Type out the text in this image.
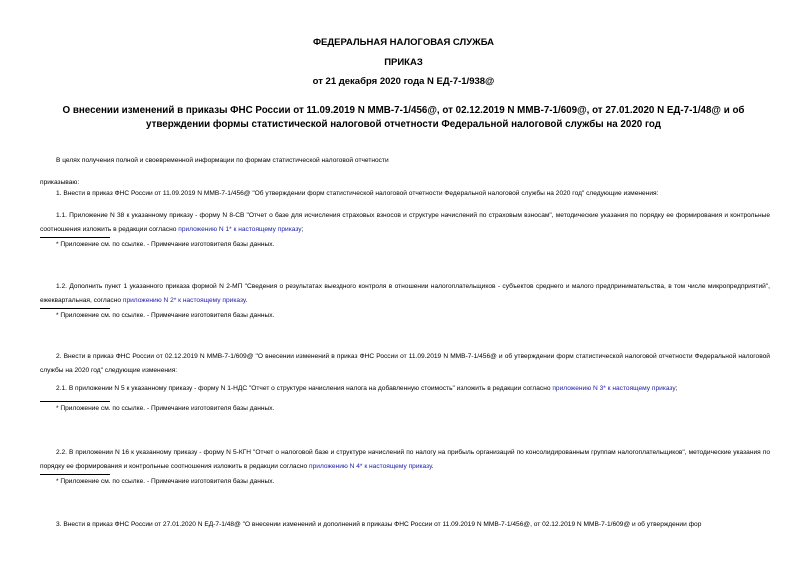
ФЕДЕРАЛЬНАЯ НАЛОГОВАЯ СЛУЖБА
ПРИКАЗ
от 21 декабря 2020 года N ЕД-7-1/938@
О внесении изменений в приказы ФНС России от 11.09.2019 N ММВ-7-1/456@, от 02.12.2019 N ММВ-7-1/609@, от 27.01.2020 N ЕД-7-1/48@ и об утверждении формы статистической налоговой отчетности Федеральной налоговой службы на 2020 год
В целях получения полной и своевременной информации по формам статистической налоговой отчетности
приказываю:
1. Внести в приказ ФНС России от 11.09.2019 N ММВ-7-1/456@ "Об утверждении форм статистической налоговой отчетности Федеральной налоговой службы на 2020 год" следующие изменения:
1.1. Приложение N 38 к указанному приказу - форму N 8-СВ "Отчет о базе для исчисления страховых взносов и структуре начислений по страховым взносам", методические указания по порядку ее формирования и контрольные соотношения изложить в редакции согласно приложению N 1* к настоящему приказу;
* Приложение см. по ссылке. - Примечание изготовителя базы данных.
1.2. Дополнить пункт 1 указанного приказа формой N 2-МП "Сведения о результатах выездного контроля в отношении налогоплательщиков - субъектов среднего и малого предпринимательства, в том числе микропредприятий", ежеквартальная, согласно приложению N 2* к настоящему приказу.
* Приложение см. по ссылке. - Примечание изготовителя базы данных.
2. Внести в приказ ФНС России от 02.12.2019 N ММВ-7-1/609@ "О внесении изменений в приказ ФНС России от 11.09.2019 N ММВ-7-1/456@ и об утверждении форм статистической налоговой отчетности Федеральной налоговой службы на 2020 год" следующие изменения:
2.1. В приложении N 5 к указанному приказу - форму N 1-НДС "Отчет о структуре начисления налога на добавленную стоимость" изложить в редакции согласно приложению N 3* к настоящему приказу;
* Приложение см. по ссылке. - Примечание изготовителя базы данных.
2.2. В приложении N 16 к указанному приказу - форму N 5-КГН "Отчет о налоговой базе и структуре начислений по налогу на прибыль организаций по консолидированным группам налогоплательщиков", методические указания по порядку ее формирования и контрольные соотношения изложить в редакции согласно приложению N 4* к настоящему приказу.
* Приложение см. по ссылке. - Примечание изготовителя базы данных.
3. Внести в приказ ФНС России от 27.01.2020 N ЕД-7-1/48@ "О внесении изменений и дополнений в приказы ФНС России от 11.09.2019 N ММВ-7-1/456@, от 02.12.2019 N ММВ-7-1/609@ и об утверждении фор
